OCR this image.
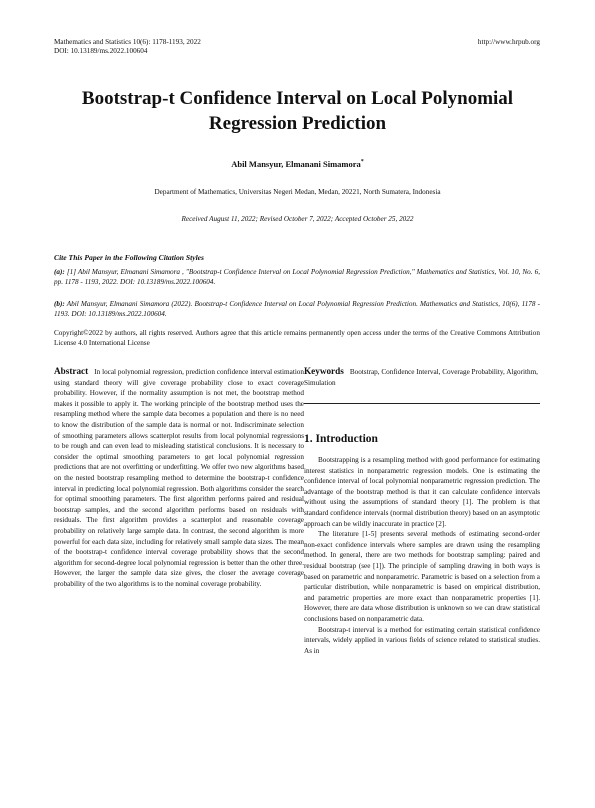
Mathematics and Statistics 10(6): 1178-1193, 2022
DOI: 10.13189/ms.2022.100604
http://www.hrpub.org
Bootstrap-t Confidence Interval on Local Polynomial Regression Prediction
Abil Mansyur, Elmanani Simamora*
Department of Mathematics, Universitas Negeri Medan, Medan, 20221, North Sumatera, Indonesia
Received August 11, 2022; Revised October 7, 2022; Accepted October 25, 2022
Cite This Paper in the Following Citation Styles
(a): [1] Abil Mansyur, Elmanani Simamora , "Bootstrap-t Confidence Interval on Local Polynomial Regression Prediction," Mathematics and Statistics, Vol. 10, No. 6, pp. 1178 - 1193, 2022. DOI: 10.13189/ms.2022.100604.
(b): Abil Mansyur, Elmanani Simamora (2022). Bootstrap-t Confidence Interval on Local Polynomial Regression Prediction. Mathematics and Statistics, 10(6), 1178 - 1193. DOI: 10.13189/ms.2022.100604.
Copyright©2022 by authors, all rights reserved. Authors agree that this article remains permanently open access under the terms of the Creative Commons Attribution License 4.0 International License
Abstract In local polynomial regression, prediction confidence interval estimation using standard theory will give coverage probability close to exact coverage probability. However, if the normality assumption is not met, the bootstrap method makes it possible to apply it. The working principle of the bootstrap method uses the resampling method where the sample data becomes a population and there is no need to know the distribution of the sample data is normal or not. Indiscriminate selection of smoothing parameters allows scatterplot results from local polynomial regressions to be rough and can even lead to misleading statistical conclusions. It is necessary to consider the optimal smoothing parameters to get local polynomial regression predictions that are not overfitting or underfitting. We offer two new algorithms based on the nested bootstrap resampling method to determine the bootstrap-t confidence interval in predicting local polynomial regression. Both algorithms consider the search for optimal smoothing parameters. The first algorithm performs paired and residual bootstrap samples, and the second algorithm performs based on residuals with residuals. The first algorithm provides a scatterplot and reasonable coverage probability on relatively large sample data. In contrast, the second algorithm is more powerful for each data size, including for relatively small sample data sizes. The mean of the bootstrap-t confidence interval coverage probability shows that the second algorithm for second-degree local polynomial regression is better than the other three. However, the larger the sample data size gives, the closer the average coverage probability of the two algorithms is to the nominal coverage probability.
Keywords Bootstrap, Confidence Interval, Coverage Probability, Algorithm, Simulation
1. Introduction

Bootstrapping is a resampling method with good performance for estimating interest statistics in nonparametric regression models. One is estimating the confidence interval of local polynomial nonparametric regression prediction. The advantage of the bootstrap method is that it can calculate confidence intervals without using the assumptions of standard theory [1]. The problem is that standard confidence intervals (normal distribution theory) based on an asymptotic approach can be wildly inaccurate in practice [2].

The literature [1-5] presents several methods of estimating second-order non-exact confidence intervals where samples are drawn using the resampling method. In general, there are two methods for bootstrap sampling: paired and residual bootstrap (see [1]). The principle of sampling drawing in both ways is based on parametric and nonparametric. Parametric is based on a selection from a particular distribution, while nonparametric is based on empirical distribution, and parametric properties are more exact than nonparametric properties [1]. However, there are data whose distribution is unknown so we can draw statistical conclusions based on nonparametric data.

Bootstrap-t interval is a method for estimating certain statistical confidence intervals, widely applied in various fields of science related to statistical studies. As in
